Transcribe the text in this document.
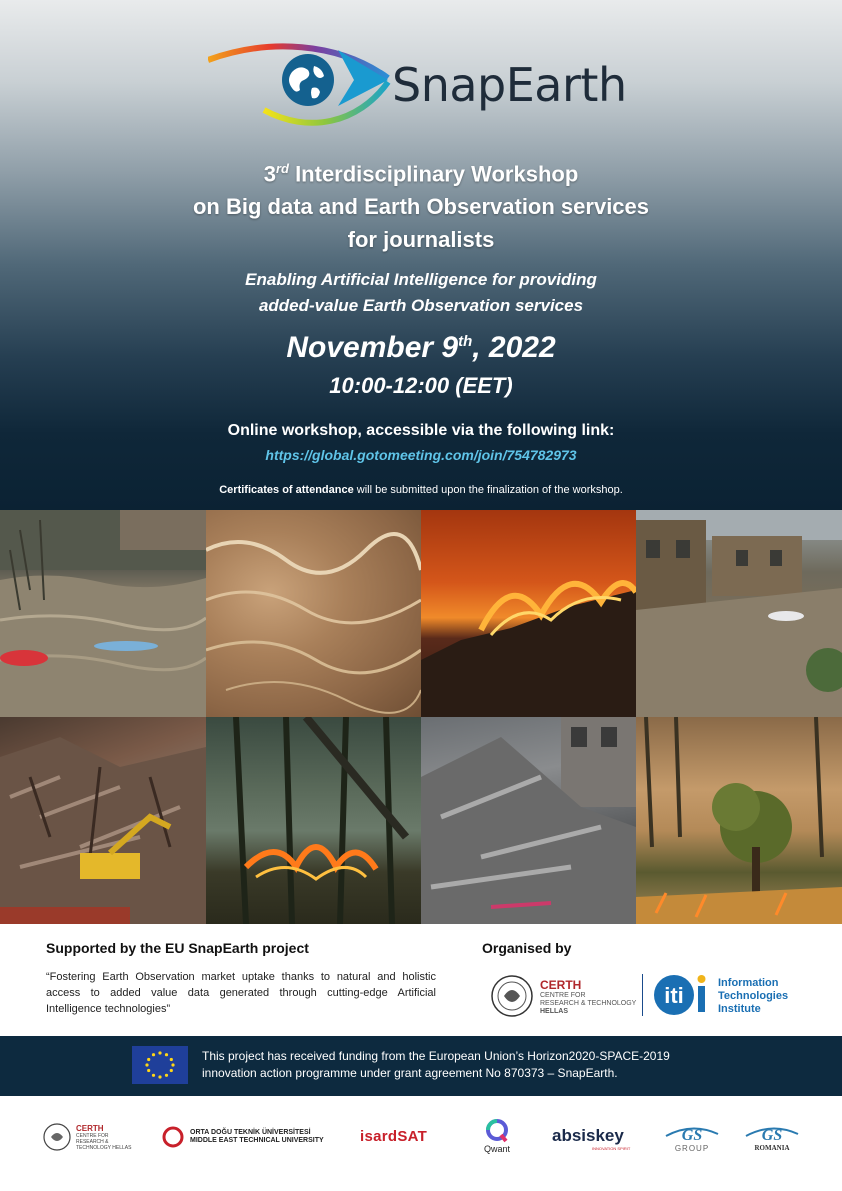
SnapEarth
3rd Interdisciplinary Workshop
on Big data and Earth Observation services
for journalists
Enabling Artificial Intelligence for providing
added-value Earth Observation services
November 9th, 2022
10:00-12:00 (EET)
Online workshop, accessible via the following link:
https://global.gotomeeting.com/join/754782973
Certificates of attendance will be submitted upon the finalization of the workshop.
Supported by the EU SnapEarth project
“Fostering Earth Observation market uptake thanks to natural and holistic access to added value data generated through cutting-edge Artificial Intelligence technologies”
Organised by
CERTH
CENTRE FOR
RESEARCH & TECHNOLOGY
HELLAS
iti	Information
Technologies
Institute
This project has received funding from the European Union’s Horizon2020-SPACE-2019
innovation action programme under grant agreement No 870373 – SnapEarth.
CERTH
CENTRE FOR RESEARCH & TECHNOLOGY HELLAS
ORTA DOĞU TEKNİK ÜNİVERSİTESİ
MIDDLE EAST TECHNICAL UNIVERSITY isardSAT
Qwant
absiskey
INNOVATION SPIRIT
GS
GROUP
GS
ROMANIA
